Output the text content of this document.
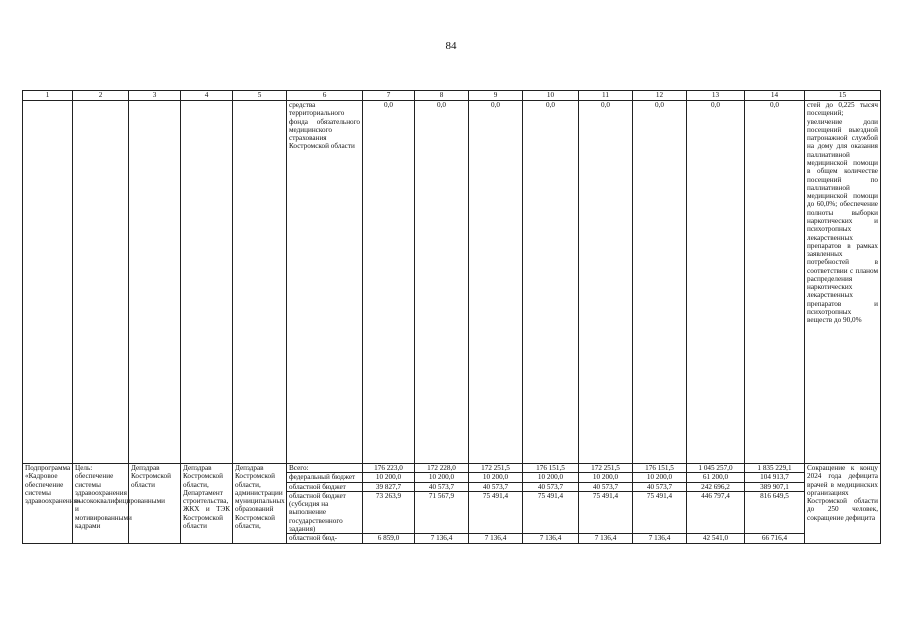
84
1	2	3	4	5	6	7	8	9	10	11	12	13	14	15
					средства территориального фонда обязательного медицинского страхования Костромской области	0,0	0,0	0,0	0,0	0,0	0,0	0,0	0,0	стей до 0,225 тысяч посещений; увеличение доли посещений выездной патронажной службой на дому для оказания паллиативной медицинской помощи в общем количестве посещений по паллиативной медицинской помощи до 60,0%; обеспечение полноты выборки наркотических и психотропных лекарственных препаратов в рамках заявленных потребностей в соответствии с планом распределения наркотических лекарственных препаратов и психотропных веществ до 90,0%
Подпрограмма «Кадровое обеспечение системы здравоохранения»	Цель: обеспечение системы здравоохранения высококвалифицированными и мотивированными кадрами	Депздрав Костромской области	Депздрав Костромской области, Департамент строительства, ЖКХ и ТЭК Костромской области	Депздрав Костромской области, администрации муниципальных образований Костромской области,	Всего:	176 223,0	172 228,0	172 251,5	176 151,5	172 251,5	176 151,5	1 045 257,0	1 835 229,1	Сокращение к концу 2024 года дефицита врачей в медицинских организациях Костромской области до 250 человек, сокращение дефицита
					федеральный бюджет	10 200,0	10 200,0	10 200,0	10 200,0	10 200,0	10 200,0	61 200,0	104 913,7	
					областной бюджет	39 827,7	40 573,7	40 573,7	40 573,7	40 573,7	40 573,7	242 696,2	389 907,1	
					областной бюджет (субсидия на выполнение государственного задания)	73 263,9	71 567,9	75 491,4	75 491,4	75 491,4	75 491,4	446 797,4	816 649,5	
					областной бюд-	6 859,0	7 136,4	7 136,4	7 136,4	7 136,4	7 136,4	42 541,0	66 716,4	
